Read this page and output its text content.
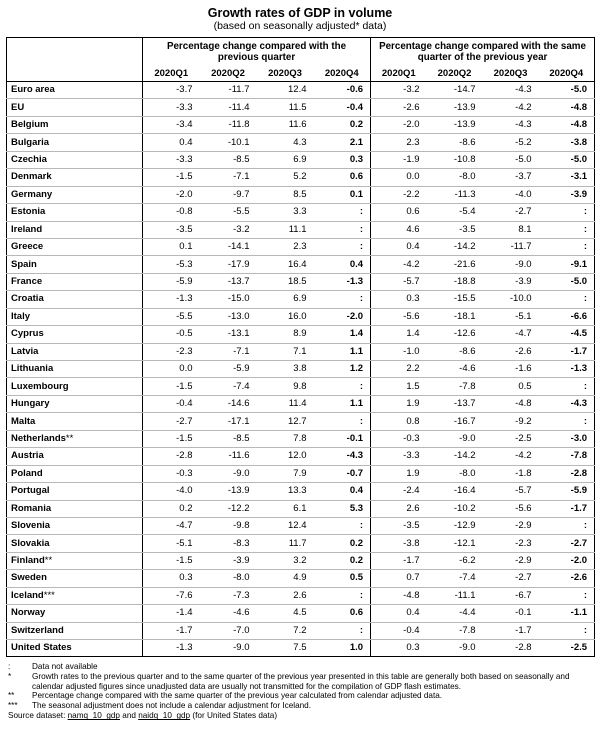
Growth rates of GDP in volume
(based on seasonally adjusted* data)
	Percentage change compared with the previous quarter				Percentage change compared with the same quarter of the previous year			
	2020Q1	2020Q2	2020Q3	2020Q4	2020Q1	2020Q2	2020Q3	2020Q4
Euro area	-3.7	-11.7	12.4	-0.6	-3.2	-14.7	-4.3	-5.0
EU	-3.3	-11.4	11.5	-0.4	-2.6	-13.9	-4.2	-4.8
Belgium	-3.4	-11.8	11.6	0.2	-2.0	-13.9	-4.3	-4.8
Bulgaria	0.4	-10.1	4.3	2.1	2.3	-8.6	-5.2	-3.8
Czechia	-3.3	-8.5	6.9	0.3	-1.9	-10.8	-5.0	-5.0
Denmark	-1.5	-7.1	5.2	0.6	0.0	-8.0	-3.7	-3.1
Germany	-2.0	-9.7	8.5	0.1	-2.2	-11.3	-4.0	-3.9
Estonia	-0.8	-5.5	3.3	:	0.6	-5.4	-2.7	:
Ireland	-3.5	-3.2	11.1	:	4.6	-3.5	8.1	:
Greece	0.1	-14.1	2.3	:	0.4	-14.2	-11.7	:
Spain	-5.3	-17.9	16.4	0.4	-4.2	-21.6	-9.0	-9.1
France	-5.9	-13.7	18.5	-1.3	-5.7	-18.8	-3.9	-5.0
Croatia	-1.3	-15.0	6.9	:	0.3	-15.5	-10.0	:
Italy	-5.5	-13.0	16.0	-2.0	-5.6	-18.1	-5.1	-6.6
Cyprus	-0.5	-13.1	8.9	1.4	1.4	-12.6	-4.7	-4.5
Latvia	-2.3	-7.1	7.1	1.1	-1.0	-8.6	-2.6	-1.7
Lithuania	0.0	-5.9	3.8	1.2	2.2	-4.6	-1.6	-1.3
Luxembourg	-1.5	-7.4	9.8	:	1.5	-7.8	0.5	:
Hungary	-0.4	-14.6	11.4	1.1	1.9	-13.7	-4.8	-4.3
Malta	-2.7	-17.1	12.7	:	0.8	-16.7	-9.2	:
Netherlands**	-1.5	-8.5	7.8	-0.1	-0.3	-9.0	-2.5	-3.0
Austria	-2.8	-11.6	12.0	-4.3	-3.3	-14.2	-4.2	-7.8
Poland	-0.3	-9.0	7.9	-0.7	1.9	-8.0	-1.8	-2.8
Portugal	-4.0	-13.9	13.3	0.4	-2.4	-16.4	-5.7	-5.9
Romania	0.2	-12.2	6.1	5.3	2.6	-10.2	-5.6	-1.7
Slovenia	-4.7	-9.8	12.4	:	-3.5	-12.9	-2.9	:
Slovakia	-5.1	-8.3	11.7	0.2	-3.8	-12.1	-2.3	-2.7
Finland**	-1.5	-3.9	3.2	0.2	-1.7	-6.2	-2.9	-2.0
Sweden	0.3	-8.0	4.9	0.5	0.7	-7.4	-2.7	-2.6
Iceland***	-7.6	-7.3	2.6	:	-4.8	-11.1	-6.7	:
Norway	-1.4	-4.6	4.5	0.6	0.4	-4.4	-0.1	-1.1
Switzerland	-1.7	-7.0	7.2	:	-0.4	-7.8	-1.7	:
United States	-1.3	-9.0	7.5	1.0	0.3	-9.0	-2.8	-2.5
:	Data not available
*	Growth rates to the previous quarter and to the same quarter of the previous year presented in this table are generally both based on seasonally and calendar adjusted figures since unadjusted data are usually not transmitted for the compilation of GDP flash estimates.
**	Percentage change compared with the same quarter of the previous year calculated from calendar adjusted data.
***	The seasonal adjustment does not include a calendar adjustment for Iceland.
Source dataset: namq_10_gdp and naidq_10_gdp (for United States data)
